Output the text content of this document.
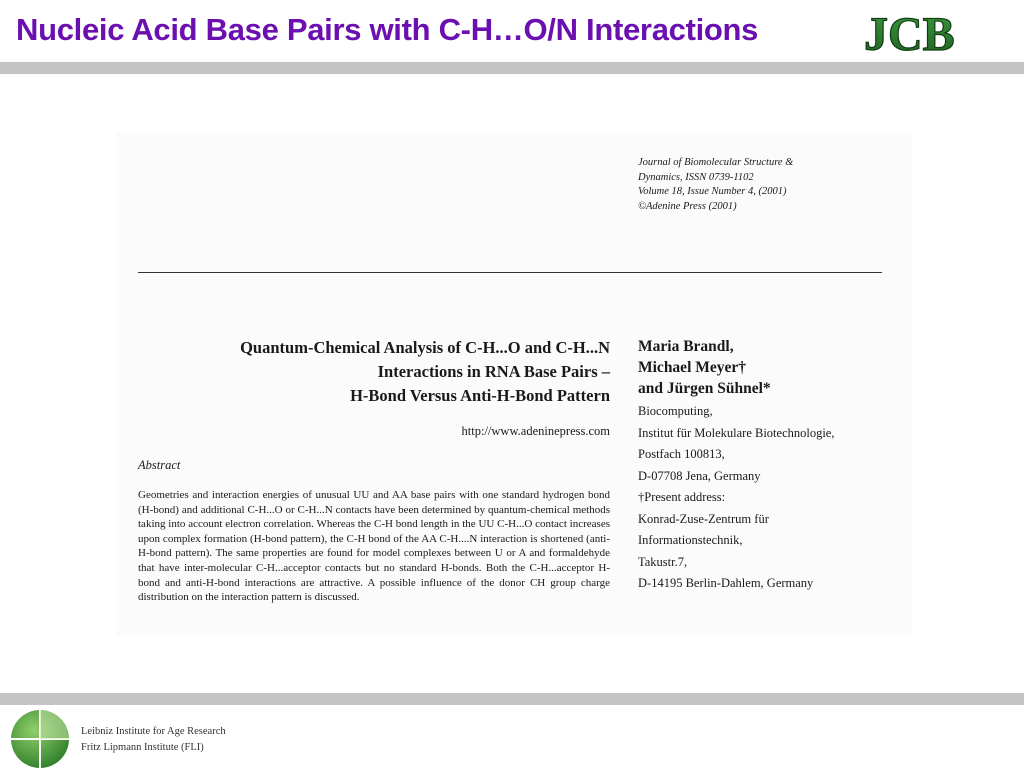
Nucleic Acid Base Pairs with C-H…O/N Interactions JCB
Journal of Biomolecular Structure &
Dynamics, ISSN 0739-1102
Volume 18, Issue Number 4, (2001)
©Adenine Press (2001)
Quantum-Chemical Analysis of C-H...O and C-H...N
Interactions in RNA Base Pairs –
H-Bond Versus Anti-H-Bond Pattern
http://www.adeninepress.com
Abstract
Geometries and interaction energies of unusual UU and AA base pairs with one standard hydrogen bond (H-bond) and additional C-H...O or C-H...N contacts have been determined by quantum-chemical methods taking into account electron correlation. Whereas the C-H bond length in the UU C-H...O contact increases upon complex formation (H-bond pattern), the C-H bond of the AA C-H....N interaction is shortened (anti-H-bond pattern). The same properties are found for model complexes between U or A and formaldehyde that have inter-molecular C-H...acceptor contacts but no standard H-bonds. Both the C-H...acceptor H-bond and anti-H-bond interactions are attractive. A possible influence of the donor CH group charge distribution on the interaction pattern is discussed.
Maria Brandl,
Michael Meyer†
and Jürgen Sühnel*
Biocomputing,
Institut für Molekulare Biotechnologie,
Postfach 100813,
D-07708 Jena, Germany
†Present address:
Konrad-Zuse-Zentrum für
Informationstechnik,
Takustr.7,
D-14195 Berlin-Dahlem, Germany
Leibniz Institute for Age Research
Fritz Lipmann Institute (FLI)
